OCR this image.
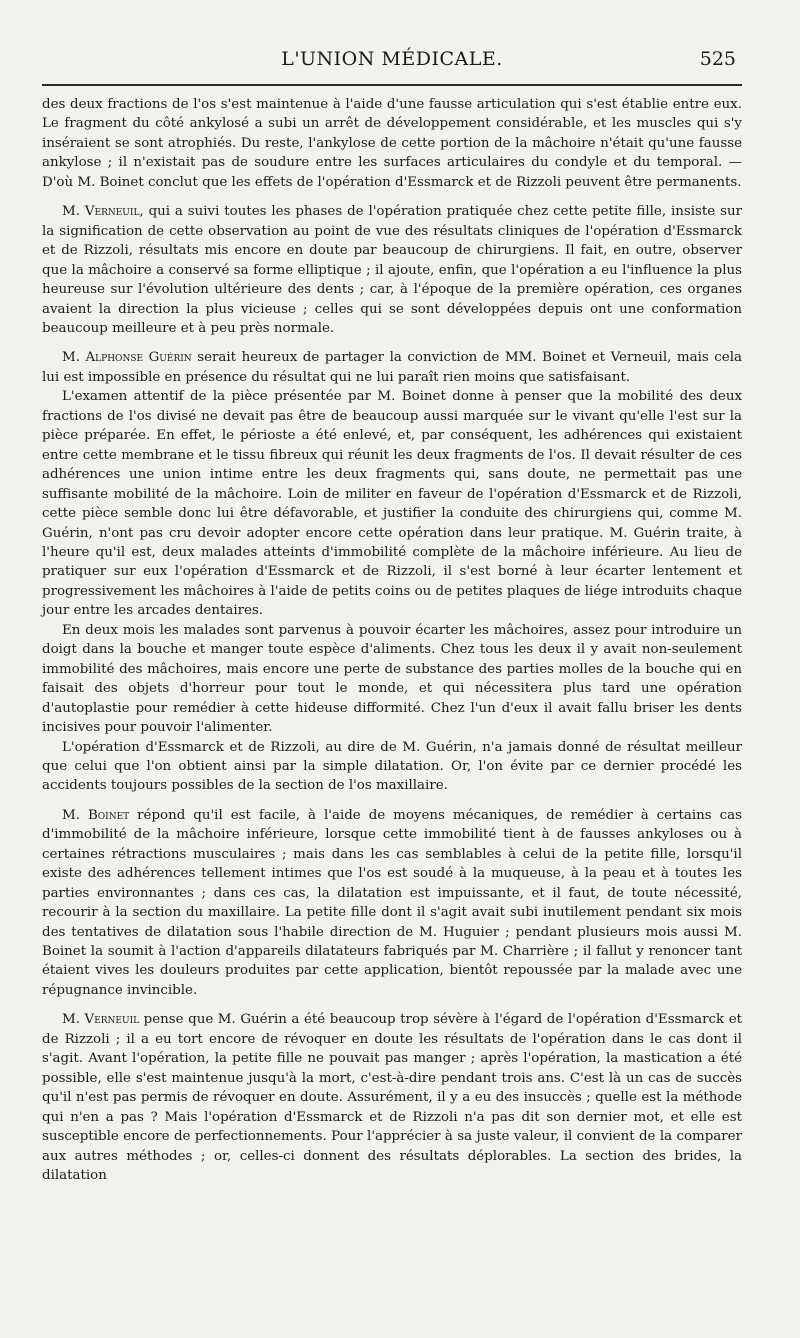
L'UNION MÉDICALE.	525

des deux fractions de l'os s'est maintenue à l'aide d'une fausse articulation qui s'est établie entre eux. Le fragment du côté ankylosé a subi un arrêt de développement considérable, et les muscles qui s'y inséraient se sont atrophiés. Du reste, l'ankylose de cette portion de la mâchoire n'était qu'une fausse ankylose ; il n'existait pas de soudure entre les surfaces articulaires du condyle et du temporal. — D'où M. Boinet conclut que les effets de l'opération d'Essmarck et de Rizzoli peuvent être permanents.

M. Verneuil, qui a suivi toutes les phases de l'opération pratiquée chez cette petite fille, insiste sur la signification de cette observation au point de vue des résultats cliniques de l'opération d'Essmarck et de Rizzoli, résultats mis encore en doute par beaucoup de chirurgiens. Il fait, en outre, observer que la mâchoire a conservé sa forme elliptique ; il ajoute, enfin, que l'opération a eu l'influence la plus heureuse sur l'évolution ultérieure des dents ; car, à l'époque de la première opération, ces organes avaient la direction la plus vicieuse ; celles qui se sont développées depuis ont une conformation beaucoup meilleure et à peu près normale.

M. Alphonse Guérin serait heureux de partager la conviction de MM. Boinet et Verneuil, mais cela lui est impossible en présence du résultat qui ne lui paraît rien moins que satisfaisant.

L'examen attentif de la pièce présentée par M. Boinet donne à penser que la mobilité des deux fractions de l'os divisé ne devait pas être de beaucoup aussi marquée sur le vivant qu'elle l'est sur la pièce préparée. En effet, le périoste a été enlevé, et, par conséquent, les adhérences qui existaient entre cette membrane et le tissu fibreux qui réunit les deux fragments de l'os. Il devait résulter de ces adhérences une union intime entre les deux fragments qui, sans doute, ne permettait pas une suffisante mobilité de la mâchoire. Loin de militer en faveur de l'opération d'Essmarck et de Rizzoli, cette pièce semble donc lui être défavorable, et justifier la conduite des chirurgiens qui, comme M. Guérin, n'ont pas cru devoir adopter encore cette opération dans leur pratique. M. Guérin traite, à l'heure qu'il est, deux malades atteints d'immobilité complète de la mâchoire inférieure. Au lieu de pratiquer sur eux l'opération d'Essmarck et de Rizzoli, il s'est borné à leur écarter lentement et progressivement les mâchoires à l'aide de petits coins ou de petites plaques de liége introduits chaque jour entre les arcades dentaires.

En deux mois les malades sont parvenus à pouvoir écarter les mâchoires, assez pour introduire un doigt dans la bouche et manger toute espèce d'aliments. Chez tous les deux il y avait non-seulement immobilité des mâchoires, mais encore une perte de substance des parties molles de la bouche qui en faisait des objets d'horreur pour tout le monde, et qui nécessitera plus tard une opération d'autoplastie pour remédier à cette hideuse difformité. Chez l'un d'eux il avait fallu briser les dents incisives pour pouvoir l'alimenter.

L'opération d'Essmarck et de Rizzoli, au dire de M. Guérin, n'a jamais donné de résultat meilleur que celui que l'on obtient ainsi par la simple dilatation. Or, l'on évite par ce dernier procédé les accidents toujours possibles de la section de l'os maxillaire.

M. Boinet répond qu'il est facile, à l'aide de moyens mécaniques, de remédier à certains cas d'immobilité de la mâchoire inférieure, lorsque cette immobilité tient à de fausses ankyloses ou à certaines rétractions musculaires ; mais dans les cas semblables à celui de la petite fille, lorsqu'il existe des adhérences tellement intimes que l'os est soudé à la muqueuse, à la peau et à toutes les parties environnantes ; dans ces cas, la dilatation est impuissante, et il faut, de toute nécessité, recourir à la section du maxillaire. La petite fille dont il s'agit avait subi inutilement pendant six mois des tentatives de dilatation sous l'habile direction de M. Huguier ; pendant plusieurs mois aussi M. Boinet la soumit à l'action d'appareils dilatateurs fabriqués par M. Charrière ; il fallut y renoncer tant étaient vives les douleurs produites par cette application, bientôt repoussée par la malade avec une répugnance invincible.

M. Verneuil pense que M. Guérin a été beaucoup trop sévère à l'égard de l'opération d'Essmarck et de Rizzoli ; il a eu tort encore de révoquer en doute les résultats de l'opération dans le cas dont il s'agit. Avant l'opération, la petite fille ne pouvait pas manger ; après l'opération, la mastication a été possible, elle s'est maintenue jusqu'à la mort, c'est-à-dire pendant trois ans. C'est là un cas de succès qu'il n'est pas permis de révoquer en doute. Assurément, il y a eu des insuccès ; quelle est la méthode qui n'en a pas ? Mais l'opération d'Essmarck et de Rizzoli n'a pas dit son dernier mot, et elle est susceptible encore de perfectionnements. Pour l'apprécier à sa juste valeur, il convient de la comparer aux autres méthodes ; or, celles-ci donnent des résultats déplorables. La section des brides, la dilatation
